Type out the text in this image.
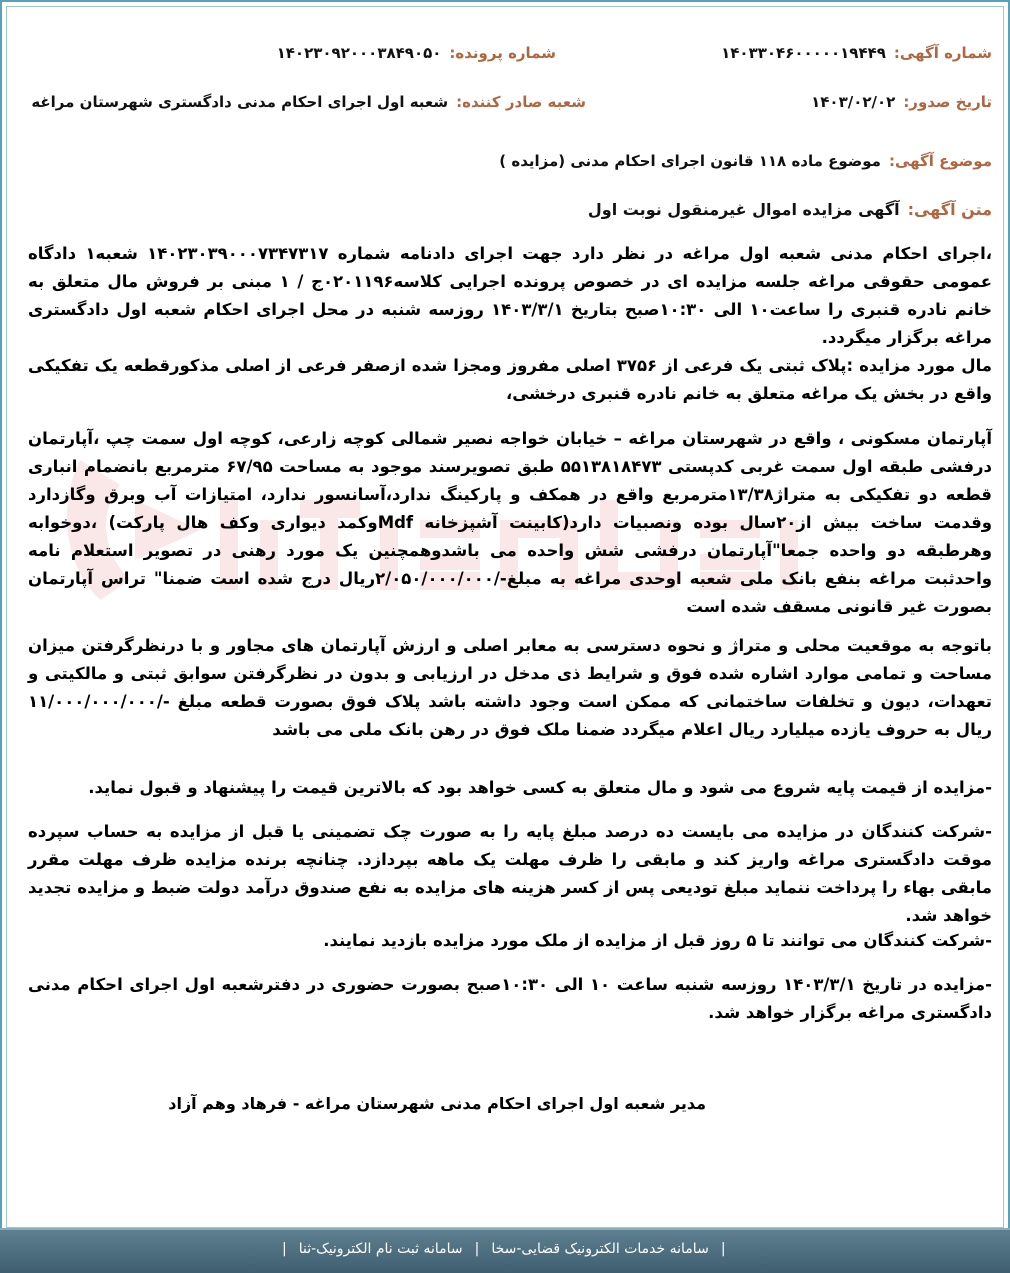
شماره آگهی:۱۴۰۳۳۰۴۶۰۰۰۰۰۱۹۴۴۹
شماره پرونده:۱۴۰۲۳۰۹۲۰۰۰۳۸۴۹۰۵۰
تاریخ صدور:۱۴۰۳/۰۲/۰۲
شعبه صادر کننده:شعبه اول اجرای احکام مدنی دادگستری شهرستان مراغه
موضوع آگهی:موضوع ماده ۱۱۸ قانون اجرای احکام مدنی (مزایده )
متن آگهی:آگهی مزایده اموال غیرمنقول نوبت اول
،اجرای احکام مدنی شعبه اول مراغه در نظر دارد جهت اجرای دادنامه شماره ۱۴۰۲۳۰۳۹۰۰۰۷۳۴۷۳۱۷ شعبه۱ دادگاه عمومی حقوقی مراغه جلسه مزایده ای در خصوص پرونده اجرایی کلاسه۰۲۰۱۱۹۶ج / ۱ مبنی بر فروش مال متعلق به خانم نادره قنبری را ساعت۱۰ الی ۱۰:۳۰صبح بتاریخ ۱۴۰۳/۳/۱ روزسه شنبه در محل اجرای احکام شعبه اول دادگستری مراغه برگزار میگردد.
مال مورد مزایده :پلاک ثبتی یک فرعی از ۳۷۵۶ اصلی مفروز ومجزا شده ازصفر فرعی از اصلی مذکورقطعه یک تفکیکی واقع در بخش یک مراغه متعلق به خانم نادره قنبری درخشی،
آپارتمان مسکونی ، واقع در شهرستان مراغه – خیابان خواجه نصیر شمالی کوچه زارعی، کوچه اول سمت چپ ،آپارتمان درفشی طبقه اول سمت غربی کدپستی ۵۵۱۳۸۱۸۴۷۳ طبق تصویرسند موجود به مساحت ۶۷/۹۵ مترمربع بانضمام انباری قطعه دو تفکیکی به متراژ۱۳/۳۸مترمربع واقع در همکف و پارکینگ ندارد،آسانسور ندارد، امتیازات آب وبرق وگازدارد وقدمت ساخت بیش از۲۰سال بوده ونصبیات دارد(کابینت آشپزخانه Mdfوکمد دیواری وکف هال پارکت) ،دوخوابه وهرطبقه دو واحده جمعا"آپارتمان درفشی شش واحده می باشدوهمچنین یک مورد رهنی در تصویر استعلام نامه واحدثبت مراغه بنفع بانک ملی شعبه اوحدی مراغه به مبلغ-/۲/۰۵۰/۰۰۰/۰۰۰ریال درج شده است ضمنا" تراس آپارتمان بصورت غیر قانونی مسقف شده است
باتوجه به موقعیت محلی و متراژ و نحوه دسترسی به معابر اصلی و ارزش آپارتمان های مجاور و با درنظرگرفتن میزان مساحت و تمامی موارد اشاره شده فوق و شرایط ذی مدخل در ارزیابی و بدون در نظرگرفتن سوابق ثبتی و مالکیتی و تعهدات، دیون و تخلفات ساختمانی که ممکن است وجود داشته باشد پلاک فوق بصورت قطعه مبلغ -/۱۱/۰۰۰/۰۰۰/۰۰۰ ریال به حروف یازده میلیارد ریال اعلام میگردد ضمنا ملک فوق در رهن بانک ملی می باشد
-مزایده از قیمت پایه شروع می شود و مال متعلق به کسی خواهد بود که بالاترین قیمت را پیشنهاد و قبول نماید.
-شرکت کنندگان در مزایده می بایست ده درصد مبلغ پایه را به صورت چک تضمینی یا قبل از مزایده به حساب سپرده موقت دادگستری مراغه واریز کند و مابقی را ظرف مهلت یک ماهه بپردازد. چنانچه برنده مزایده ظرف مهلت مقرر مابقی بهاء را پرداخت ننماید مبلغ تودیعی پس از کسر هزینه های مزایده به نفع صندوق درآمد دولت ضبط و مزایده تجدید خواهد شد.
-شرکت کنندگان می توانند تا ۵ روز قبل از مزایده از ملک مورد مزایده بازدید نمایند.
-مزایده در تاریخ ۱۴۰۳/۳/۱ روزسه شنبه ساعت ۱۰ الی ۱۰:۳۰صبح بصورت حضوری در دفترشعبه اول اجرای احکام مدنی دادگستری مراغه برگزار خواهد شد.
مدیر شعبه اول اجرای احکام مدنی شهرستان مراغه - فرهاد وهم آزاد
|سامانه خدمات الکترونیک قضایی-سخا|سامانه ثبت نام الکترونیک-ثنا|
